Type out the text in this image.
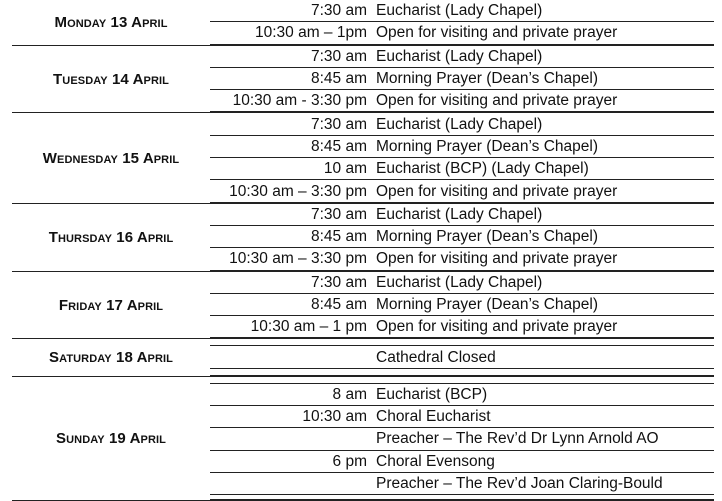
Monday 13 April	
7:30 am	Eucharist (Lady Chapel)
10:30 am – 1pm	Open for visiting and private prayer

Tuesday 14 April	
7:30 am	Eucharist (Lady Chapel)
8:45 am	Morning Prayer (Dean’s Chapel)
10:30 am - 3:30 pm	Open for visiting and private prayer

Wednesday 15 April	
7:30 am	Eucharist (Lady Chapel)
8:45 am	Morning Prayer (Dean’s Chapel)
10 am	Eucharist (BCP) (Lady Chapel)
10:30 am – 3:30 pm	Open for visiting and private prayer

Thursday 16 April	
7:30 am	Eucharist (Lady Chapel)
8:45 am	Morning Prayer (Dean’s Chapel)
10:30 am – 3:30 pm	Open for visiting and private prayer

Friday 17 April	
7:30 am	Eucharist (Lady Chapel)
8:45 am	Morning Prayer (Dean’s Chapel)
10:30 am – 1 pm	Open for visiting and private prayer

Saturday 18 April	

		Cathedral Closed

Sunday 19 April	

8 am	Eucharist (BCP)
10:30 am	Choral Eucharist
	Preacher – The Rev’d Dr Lynn Arnold AO
6 pm	Choral Evensong
	Preacher – The Rev’d Joan Claring-Bould
